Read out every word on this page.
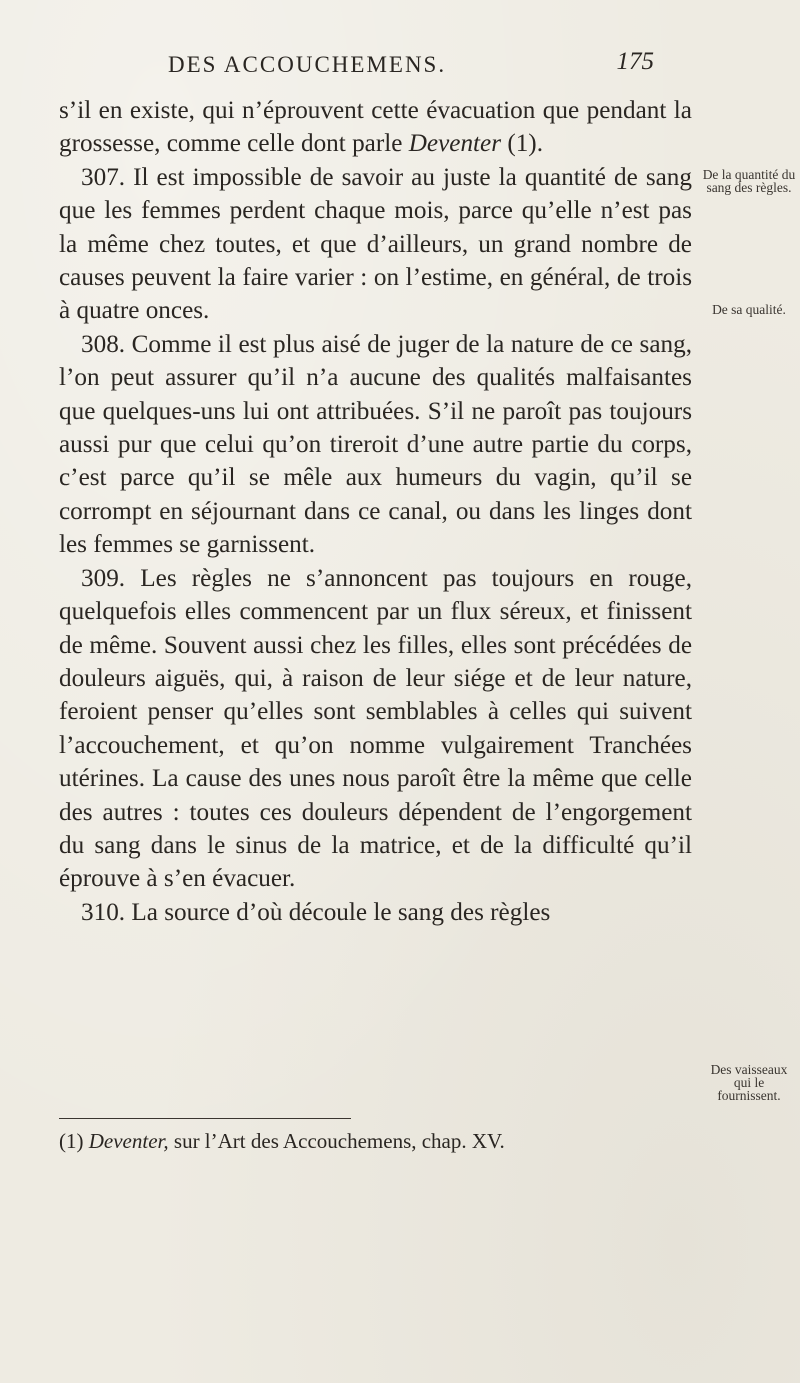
DES ACCOUCHEMENS.	175

s’il en existe, qui n’éprouvent cette évacuation que pendant la grossesse, comme celle dont parle Deventer (1).

307. Il est impossible de savoir au juste la quantité de sang que les femmes perdent chaque mois, parce qu’elle n’est pas la même chez toutes, et que d’ailleurs, un grand nombre de causes peuvent la faire varier : on l’estime, en général, de trois à quatre onces.

308. Comme il est plus aisé de juger de la nature de ce sang, l’on peut assurer qu’il n’a aucune des qualités malfaisantes que quelques-uns lui ont attribuées. S’il ne paroît pas toujours aussi pur que celui qu’on tireroit d’une autre partie du corps, c’est parce qu’il se mêle aux humeurs du vagin, qu’il se corrompt en séjournant dans ce canal, ou dans les linges dont les femmes se garnissent.

309. Les règles ne s’annoncent pas toujours en rouge, quelquefois elles commencent par un flux séreux, et finissent de même. Souvent aussi chez les filles, elles sont précédées de douleurs aiguës, qui, à raison de leur siége et de leur nature, feroient penser qu’elles sont semblables à celles qui suivent l’accouchement, et qu’on nomme vulgairement Tranchées utérines. La cause des unes nous paroît être la même que celle des autres : toutes ces douleurs dépendent de l’engorgement du sang dans le sinus de la matrice, et de la difficulté qu’il éprouve à s’en évacuer.

310. La source d’où découle le sang des règles

De la quantité du sang des règles.
De sa qualité.
Des vaisseaux qui le fournissent.
(1) Deventer, sur l’Art des Accouchemens, chap. XV.
